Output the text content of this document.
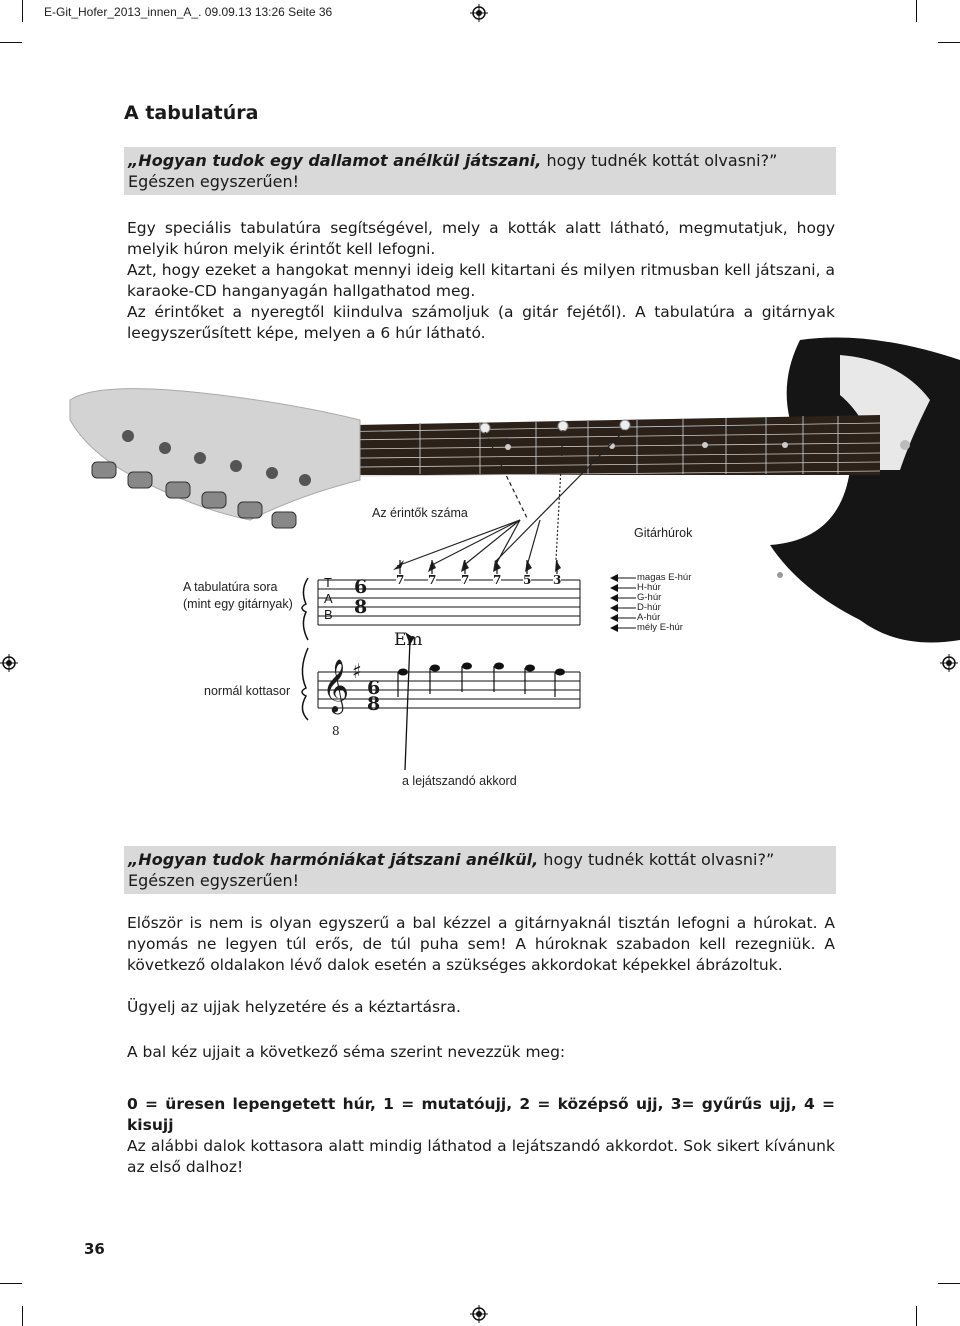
E-Git_Hofer_2013_innen_A_. 09.09.13 13:26 Seite 36
A tabulatúra
„Hogyan tudok egy dallamot anélkül játszani, hogy tudnék kottát olvasni?”
Egészen egyszerűen!

Egy speciális tabulatúra segítségével, mely a kották alatt látható, megmutatjuk, hogy melyik húron melyik érintőt kell lefogni.

Azt, hogy ezeket a hangokat mennyi ideig kell kitartani és milyen ritmusban kell játszani, a karaoke-CD hanganyagán hallgathatod meg.

Az érintőket a nyeregtől kiindulva számoljuk (a gitár fejétől). A tabulatúra a gitárnyak leegyszerűsített képe, melyen a 6 húr látható.

Az érintők száma
Gitárhúrok
A tabulatúra sora
(mint egy gitárnyak)
normál kottasor
a lejátszandó akkord
T
A
B
6
8
6
8
𝄞
8
♯
Em
7 7 7 7 5 3	magas E-húr
H-húr
G-húr
D-húr
A-húr
mély E-húr
„Hogyan tudok harmóniákat játszani anélkül, hogy tudnék kottát olvasni?”
Egészen egyszerűen!
Először is nem is olyan egyszerű a bal kézzel a gitárnyaknál tisztán lefogni a húrokat. A nyomás ne legyen túl erős, de túl puha sem! A húroknak szabadon kell rezegniük. A következő oldalakon lévő dalok esetén a szükséges akkordokat képekkel ábrázoltuk.
Ügyelj az ujjak helyzetére és a kéztartásra.
A bal kéz ujjait a következő séma szerint nevezzük meg:
0 = üresen lepengetett húr, 1 = mutatóujj, 2 = középső ujj, 3= gyűrűs ujj, 4 = kisujj
Az alábbi dalok kottasora alatt mindig láthatod a lejátszandó akkordot. Sok sikert kívánunk az első dalhoz!
36
